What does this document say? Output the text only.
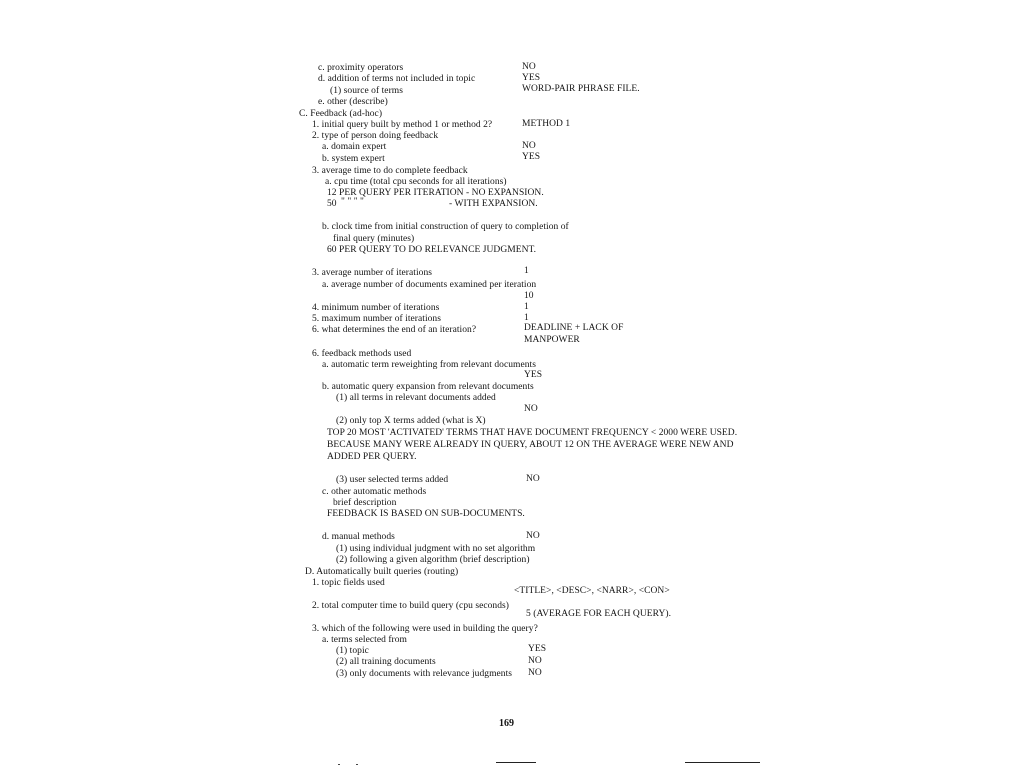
c. proximity operators	NO
d. addition of terms not included in topic	YES
(1) source of terms	WORD-PAIR PHRASE FILE.
e. other (describe)
C. Feedback (ad-hoc)
1. initial query built by method 1 or method 2?	METHOD 1
2. type of person doing feedback
a. domain expert	NO
b. system expert	YES
3. average time to do complete feedback
a. cpu time (total cpu seconds for all iterations)
12 PER QUERY PER ITERATION - NO EXPANSION.
50 " " " "	- WITH EXPANSION.
b. clock time from initial construction of query to completion of
final query (minutes)
60 PER QUERY TO DO RELEVANCE JUDGMENT.
3. average number of iterations	1
a. average number of documents examined per iteration
10
4. minimum number of iterations	1
5. maximum number of iterations	1
6. what determines the end of an iteration?	DEADLINE + LACK OF
MANPOWER
6. feedback methods used
a. automatic term reweighting from relevant documents
YES
b. automatic query expansion from relevant documents
(1) all terms in relevant documents added
NO
(2) only top X terms added (what is X)
TOP 20 MOST 'ACTIVATED' TERMS THAT HAVE DOCUMENT FREQUENCY < 2000 WERE USED.
BECAUSE MANY WERE ALREADY IN QUERY, ABOUT 12 ON THE AVERAGE WERE NEW AND
ADDED PER QUERY.
(3) user selected terms added	NO
c. other automatic methods
brief description
FEEDBACK IS BASED ON SUB-DOCUMENTS.
d. manual methods	NO
(1) using individual judgment with no set algorithm
(2) following a given algorithm (brief description)
D. Automatically built queries (routing)
1. topic fields used
<TITLE>, <DESC>, <NARR>, <CON>
2. total computer time to build query (cpu seconds)
5 (AVERAGE FOR EACH QUERY).
3. which of the following were used in building the query?
a. terms selected from
(1) topic	YES
(2) all training documents	NO
(3) only documents with relevance judgments NO
169
